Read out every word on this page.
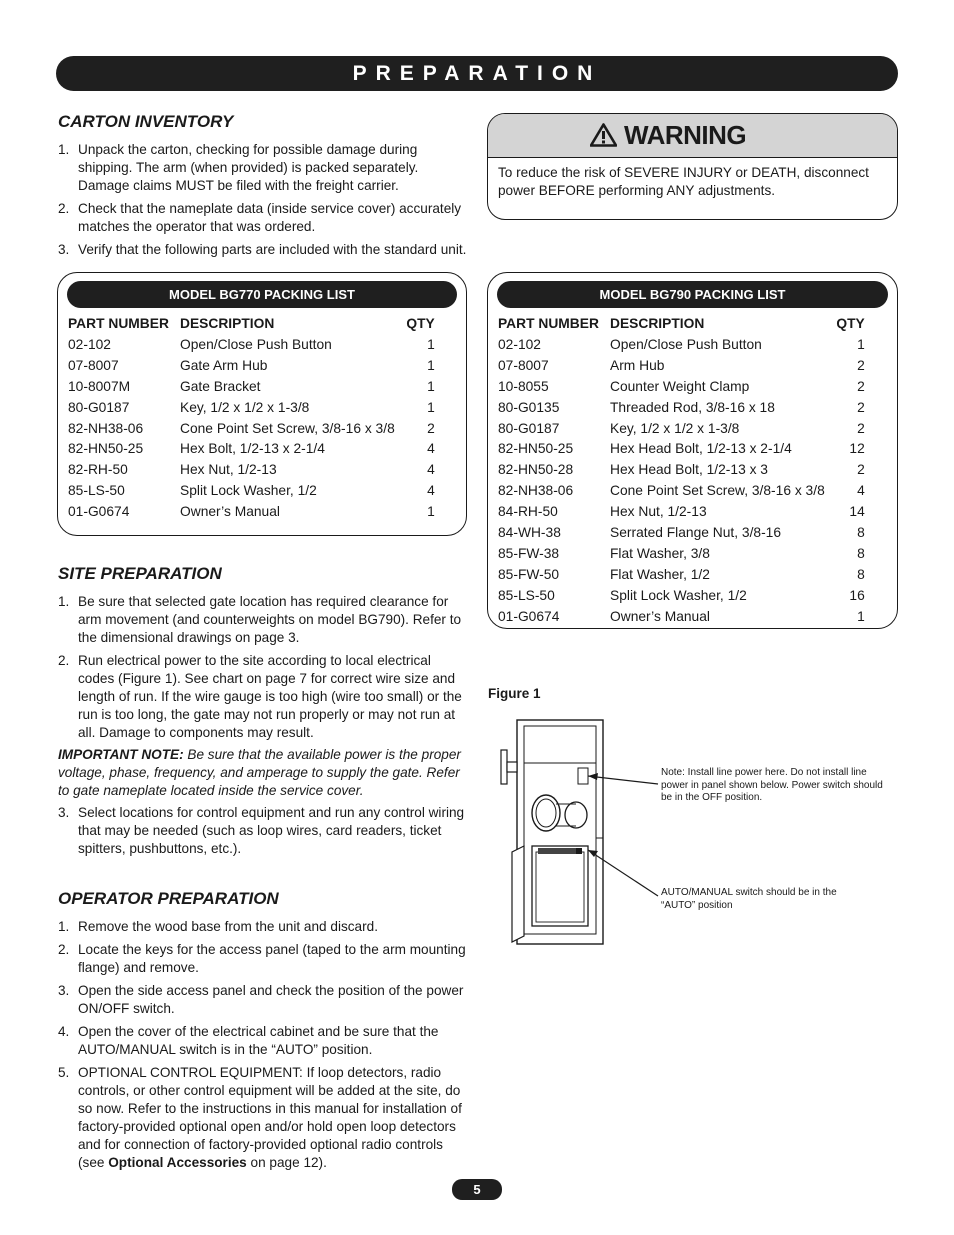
PREPARATION
CARTON INVENTORY
1. Unpack the carton, checking for possible damage during shipping. The arm (when provided) is packed separately. Damage claims MUST be filed with the freight carrier.
2. Check that the nameplate data (inside service cover) accurately matches the operator that was ordered.
3. Verify that the following parts are included with the standard unit.
MODEL BG770 PACKING LIST
PART NUMBER	DESCRIPTION	QTY
02-102	Open/Close Push Button	1
07-8007	Gate Arm Hub	1
10-8007M	Gate Bracket	1
80-G0187	Key, 1/2 x 1/2 x 1-3/8	1
82-NH38-06	Cone Point Set Screw, 3/8-16 x 3/8	2
82-HN50-25	Hex Bolt, 1/2-13 x 2-1/4	4
82-RH-50	Hex Nut, 1/2-13	4
85-LS-50	Split Lock Washer, 1/2	4
01-G0674	Owner’s Manual	1
SITE PREPARATION
1. Be sure that selected gate location has required clearance for arm movement (and counterweights on model BG790). Refer to the dimensional drawings on page 3.
2. Run electrical power to the site according to local electrical codes (Figure 1). See chart on page 7 for correct wire size and length of run. If the wire gauge is too high (wire too small) or the run is too long, the gate may not run properly or may not run at all. Damage to components may result.
IMPORTANT NOTE: Be sure that the available power is the proper voltage, phase, frequency, and amperage to supply the gate. Refer to gate nameplate located inside the service cover.
3. Select locations for control equipment and run any control wiring that may be needed (such as loop wires, card readers, ticket spitters, pushbuttons, etc.).
OPERATOR PREPARATION
1. Remove the wood base from the unit and discard.
2. Locate the keys for the access panel (taped to the arm mounting flange) and remove.
3. Open the side access panel and check the position of the power ON/OFF switch.
4. Open the cover of the electrical cabinet and be sure that the AUTO/MANUAL switch is in the “AUTO” position.
5. OPTIONAL CONTROL EQUIPMENT: If loop detectors, radio controls, or other control equipment will be added at the site, do so now. Refer to the instructions in this manual for installation of factory-provided optional open and/or hold open loop detectors and for connection of factory-provided optional radio controls (see Optional Accessories on page 12).
WARNING
To reduce the risk of SEVERE INJURY or DEATH, disconnect power BEFORE performing ANY adjustments.
MODEL BG790 PACKING LIST
PART NUMBER	DESCRIPTION	QTY
02-102	Open/Close Push Button	1
07-8007	Arm Hub	2
10-8055	Counter Weight Clamp	2
80-G0135	Threaded Rod, 3/8-16 x 18	2
80-G0187	Key, 1/2 x 1/2 x 1-3/8	2
82-HN50-25	Hex Head Bolt, 1/2-13 x 2-1/4	12
82-HN50-28	Hex Head Bolt, 1/2-13 x 3	2
82-NH38-06	Cone Point Set Screw, 3/8-16 x 3/8	4
84-RH-50	Hex Nut, 1/2-13	14
84-WH-38	Serrated Flange Nut, 3/8-16	8
85-FW-38	Flat Washer, 3/8	8
85-FW-50	Flat Washer, 1/2	8
85-LS-50	Split Lock Washer, 1/2	16
01-G0674	Owner’s Manual	1
Figure 1
Note: Install line power here. Do not install line power in panel shown below. Power switch should be in the OFF position.
AUTO/MANUAL switch should be in the “AUTO” position
5
